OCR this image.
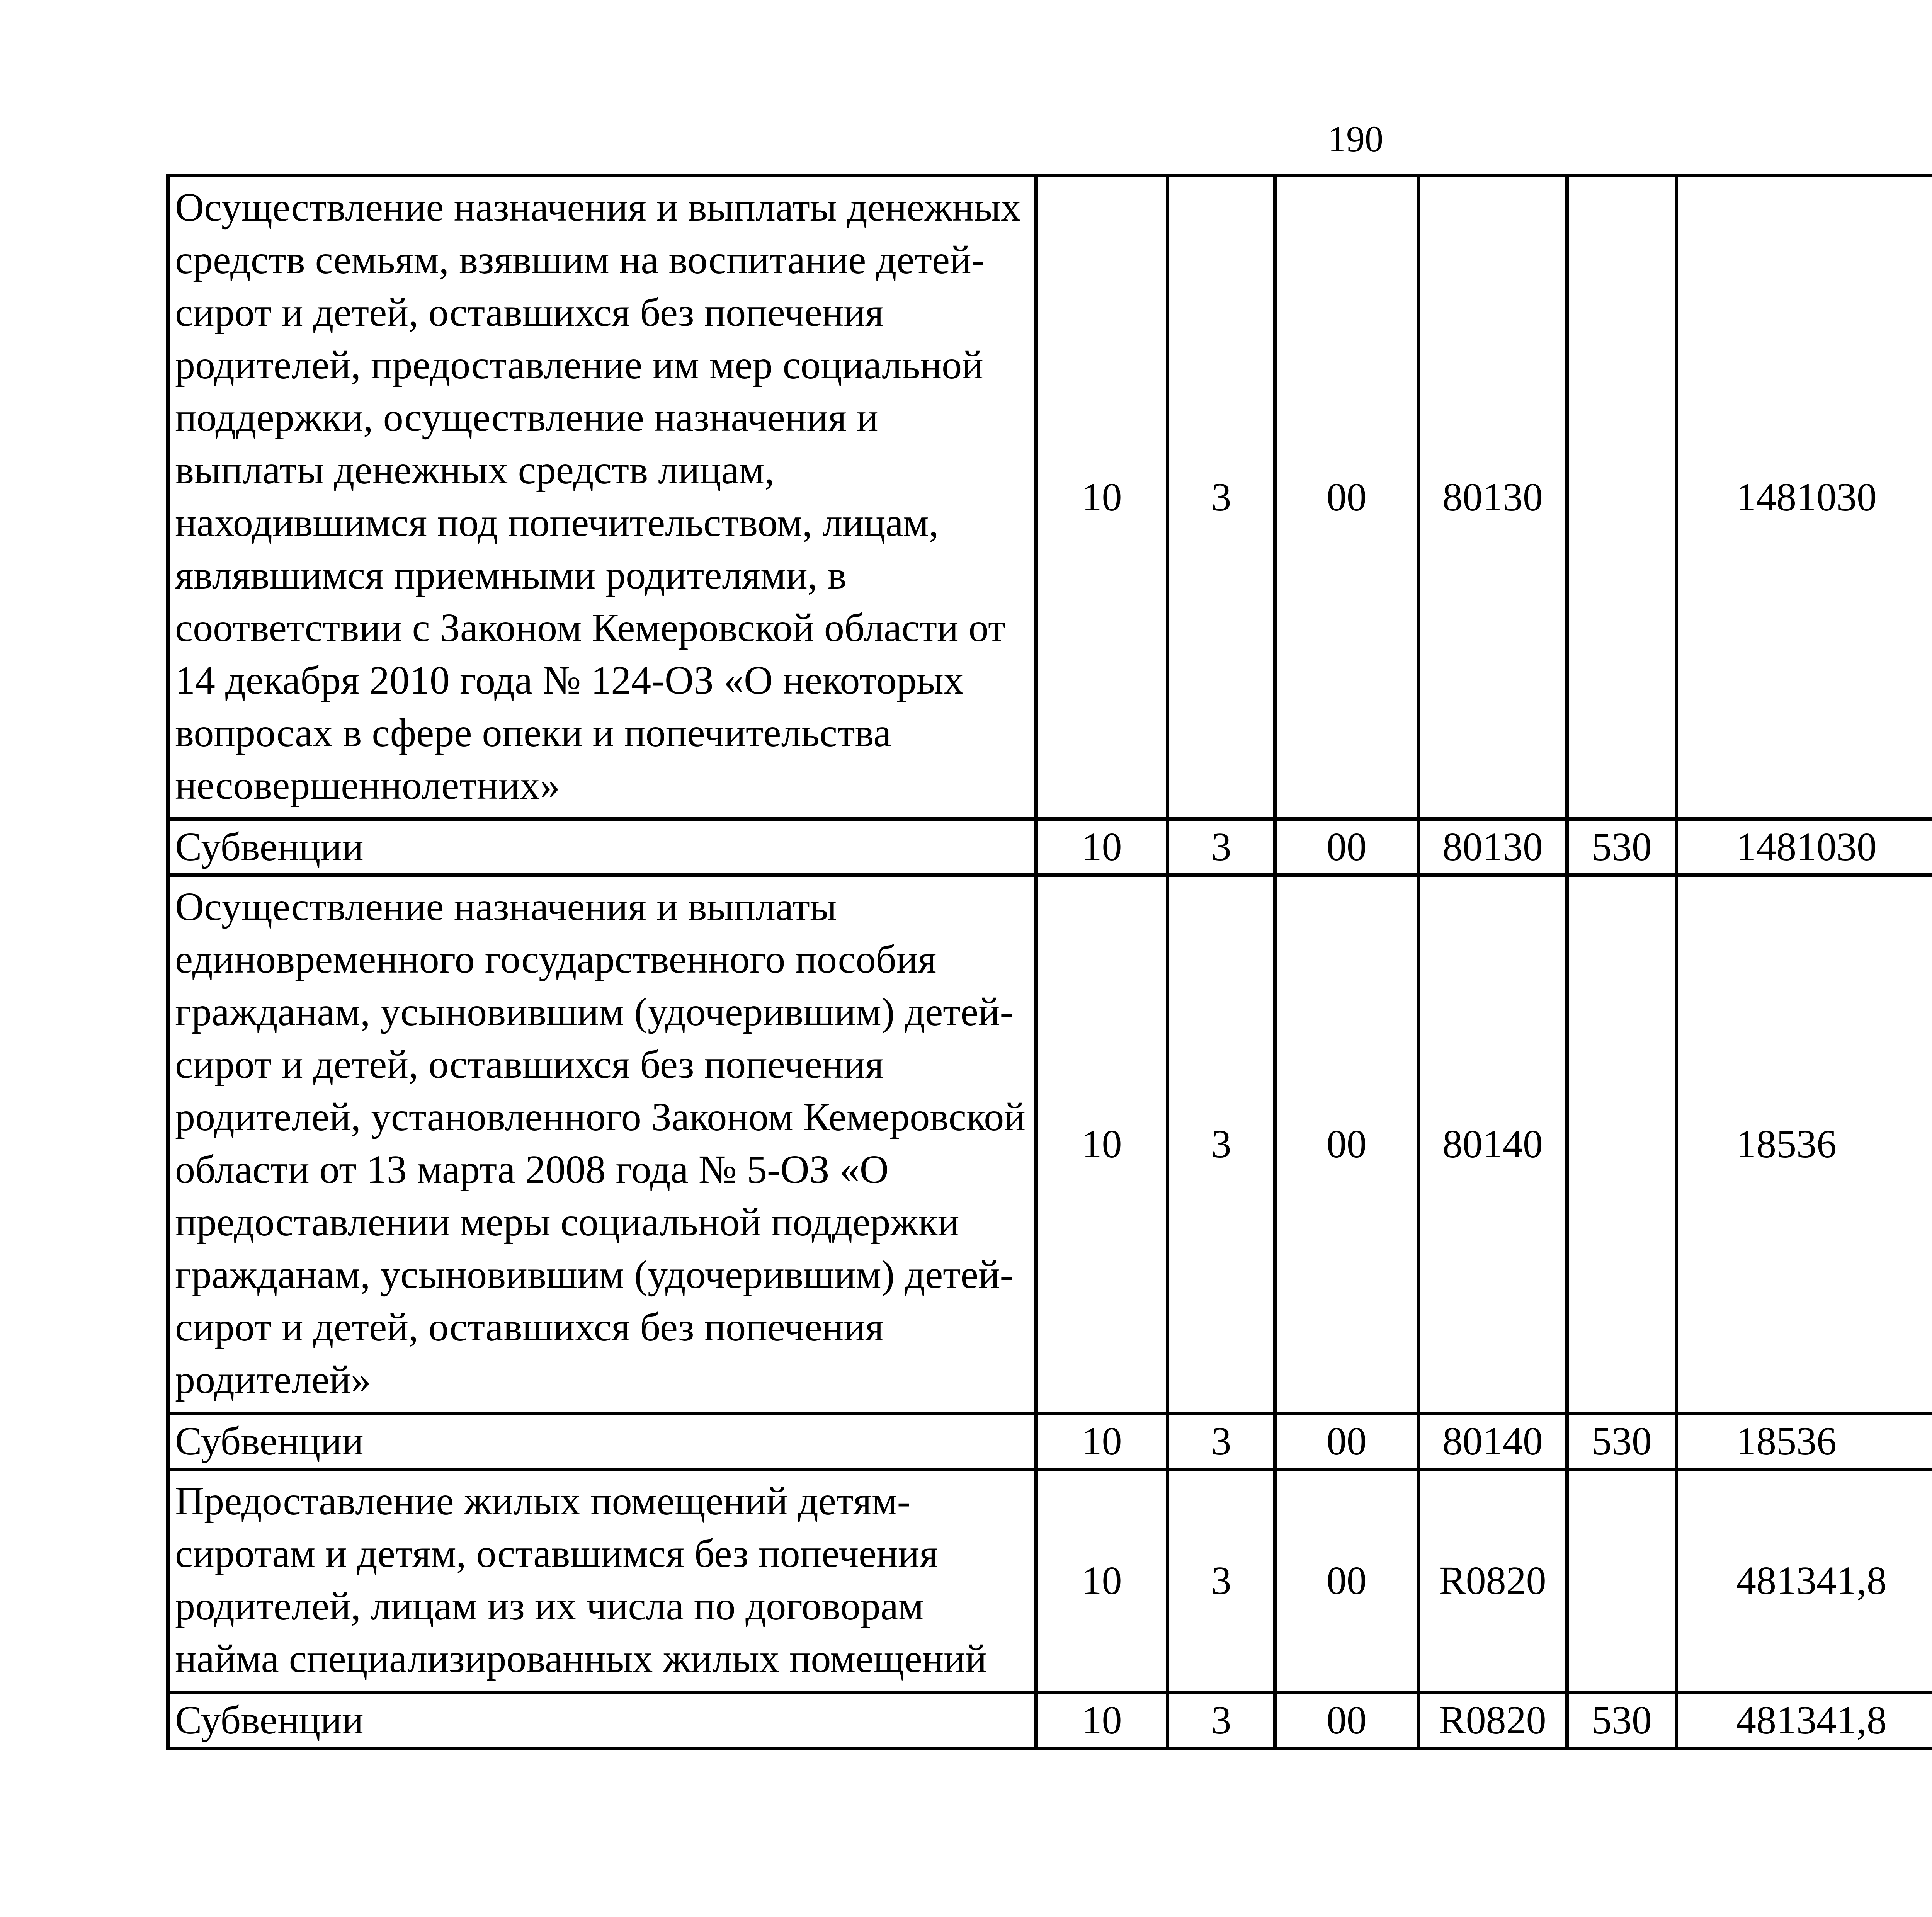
190
Осуществление назначения и выплаты денежных средств семьям, взявшим на воспитание детей-сирот и детей, оставшихся без попечения родителей, предоставление им мер социальной поддержки, осуществление назначения и выплаты денежных средств лицам, находившимся под попечительством, лицам, являвшимся приемными родителями, в соответствии с Законом Кемеровской области от 14 декабря 2010 года № 124-ОЗ «О некоторых вопросах в сфере опеки и попечительства несовершеннолетних»	10	3	00	80130		1481030		
Субвенции	10	3	00	80130	530	1481030		
Осуществление назначения и выплаты единовременного государственного пособия гражданам, усыновившим (удочерившим) детей-сирот и детей, оставшихся без попечения родителей, установленного Законом Кемеровской области от 13 марта 2008 года № 5-ОЗ «О предоставлении меры социальной поддержки гражданам, усыновившим (удочерившим) детей-сирот и детей, оставшихся без попечения родителей»	10	3	00	80140		18536		
Субвенции	10	3	00	80140	530	18536		
Предоставление жилых помещений детям-сиротам и детям, оставшимся без попечения родителей, лицам из их числа по договорам найма специализированных жилых помещений	10	3	00	R0820		481341,8		
Субвенции	10	3	00	R0820	530	481341,8		
